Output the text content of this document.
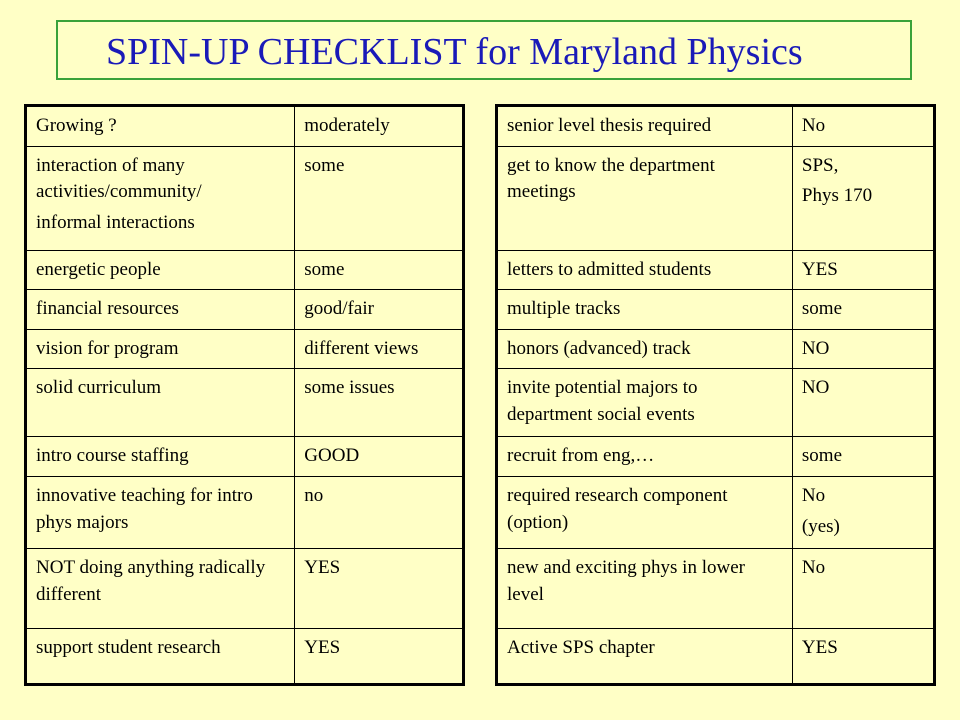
SPIN-UP CHECKLIST for Maryland Physics
Growing ?	moderately

interaction of many activities/community/
informal interactions	some
energetic people	some
financial resources	good/fair
vision for program	different views
solid curriculum	some issues
intro course staffing	GOOD
innovative teaching for intro phys majors	no
NOT doing anything radically different	YES
support student research	YES
senior level thesis required	No
get to know the department meetings	SPS,
Phys 170

letters to admitted students	YES
multiple tracks	some
honors (advanced) track	NO
invite potential majors to department social events	NO
recruit from eng,…	some
required research component (option)	No
(yes)

new and exciting phys in lower level	No
Active SPS chapter	YES
